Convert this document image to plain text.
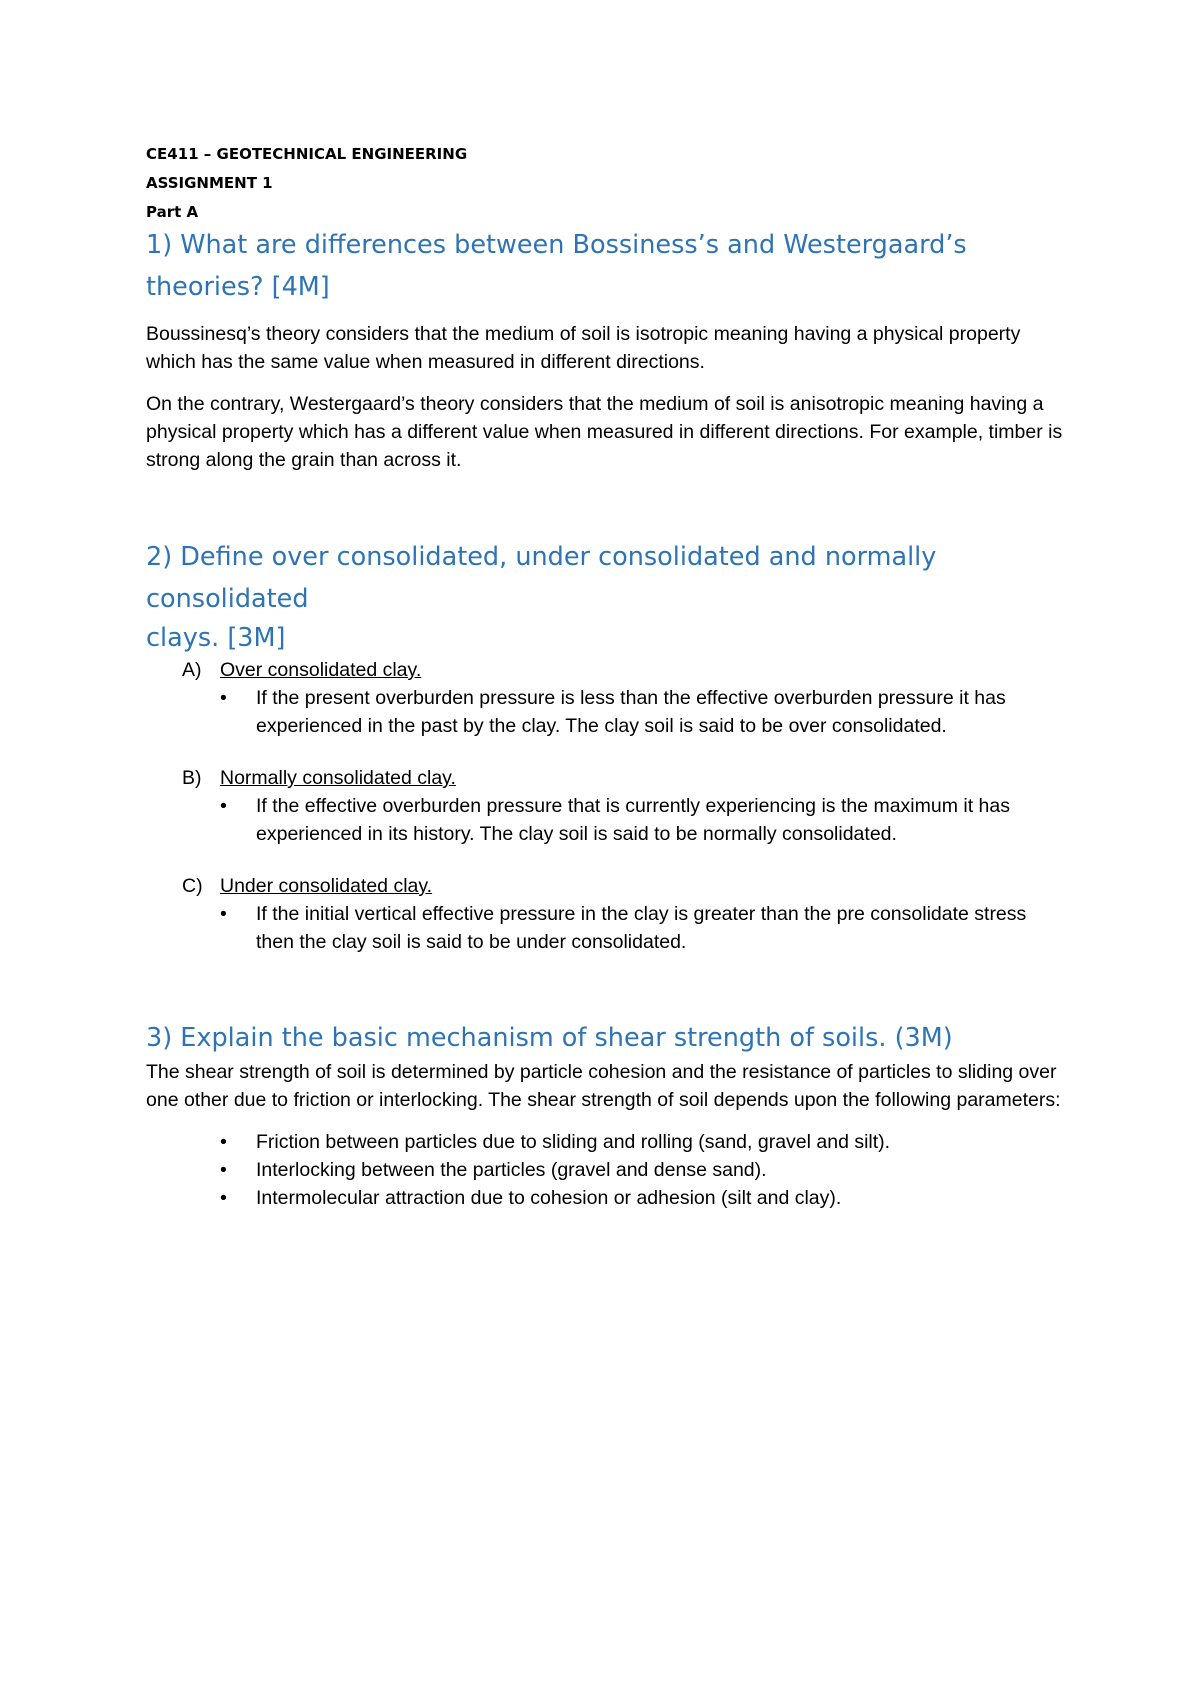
CE411 – GEOTECHNICAL ENGINEERING

ASSIGNMENT 1

Part A

1) What are differences between Bossiness’s and Westergaard’s

theories? [4M]

Boussinesq’s theory considers that the medium of soil is isotropic meaning having a physical property which has the same value when measured in different directions.

On the contrary, Westergaard’s theory considers that the medium of soil is anisotropic meaning having a physical property which has a different value when measured in different directions. For example, timber is strong along the grain than across it.

2) Define over consolidated, under consolidated and normally

consolidated

clays. [3M]

A) Over consolidated clay.
• If the present overburden pressure is less than the effective overburden pressure it has experienced in the past by the clay. The clay soil is said to be over consolidated.
B) Normally consolidated clay.
• If the effective overburden pressure that is currently experiencing is the maximum it has experienced in its history. The clay soil is said to be normally consolidated.
C) Under consolidated clay.
• If the initial vertical effective pressure in the clay is greater than the pre consolidate stress then the clay soil is said to be under consolidated.

3) Explain the basic mechanism of shear strength of soils. (3M)

The shear strength of soil is determined by particle cohesion and the resistance of particles to sliding over one other due to friction or interlocking. The shear strength of soil depends upon the following parameters:

• Friction between particles due to sliding and rolling (sand, gravel and silt).
• Interlocking between the particles (gravel and dense sand).
• Intermolecular attraction due to cohesion or adhesion (silt and clay).
